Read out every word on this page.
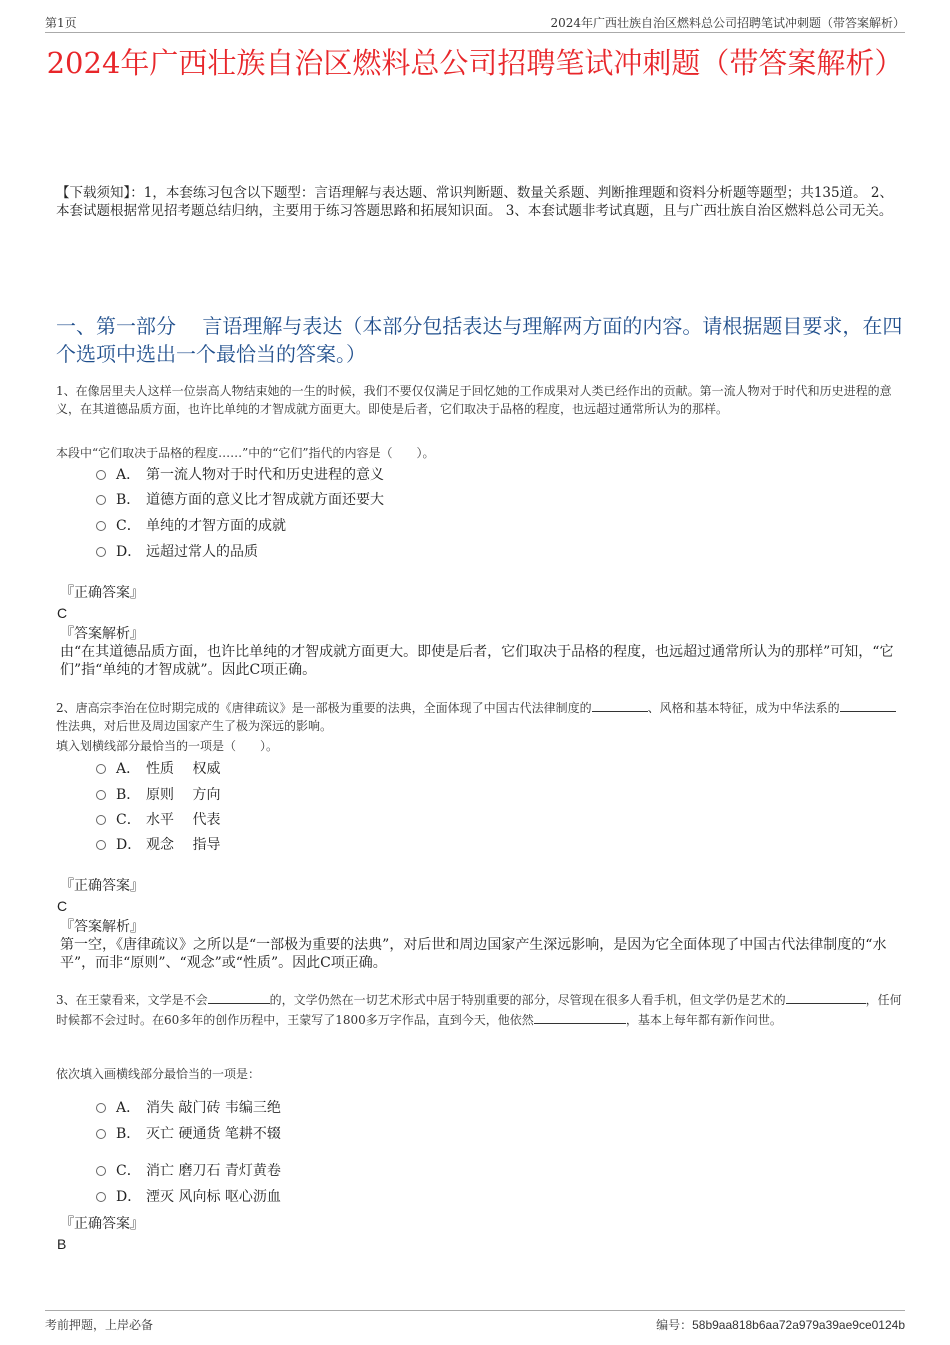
第1页	2024年广西壮族自治区燃料总公司招聘笔试冲刺题（带答案解析）
2024年广西壮族自治区燃料总公司招聘笔试冲刺题（带答案解析）
【下载须知】：1，本套练习包含以下题型：言语理解与表达题、常识判断题、数量关系题、判断推理题和资料分析题等题型；共135道。 2、本套试题根据常见招考题总结归纳，主要用于练习答题思路和拓展知识面。 3、本套试题非考试真题，且与广西壮族自治区燃料总公司无关。
一、第一部分　 言语理解与表达（本部分包括表达与理解两方面的内容。请根据题目要求，在四个选项中选出一个最恰当的答案。）
1、在像居里夫人这样一位崇高人物结束她的一生的时候，我们不要仅仅满足于回忆她的工作成果对人类已经作出的贡献。第一流人物对于时代和历史进程的意义，在其道德品质方面，也许比单纯的才智成就方面更大。即使是后者，它们取决于品格的程度，也远超过通常所认为的那样。
本段中“它们取决于品格的程度……”中的“它们”指代的内容是（　　）。
A． 第一流人物对于时代和历史进程的意义
B． 道德方面的意义比才智成就方面还要大
C． 单纯的才智方面的成就
D． 远超过常人的品质
『正确答案』
C
『答案解析』
由“在其道德品质方面，也许比单纯的才智成就方面更大。即使是后者，它们取决于品格的程度，也远超过通常所认为的那样”可知，“它们”指“单纯的才智成就”。因此C项正确。
2、唐高宗李治在位时期完成的《唐律疏议》是一部极为重要的法典，全面体现了中国古代法律制度的	、风格和基本特征，成为中华法系的性法典，对后世及周边国家产生了极为深远的影响。
填入划横线部分最恰当的一项是（　　）。
A． 性质　 权威
B． 原则　 方向
C． 水平　 代表
D． 观念　 指导
『正确答案』
C
『答案解析』
第一空，《唐律疏议》之所以是“一部极为重要的法典”，对后世和周边国家产生深远影响，是因为它全面体现了中国古代法律制度的“水平”，而非“原则”、“观念”或“性质”。因此C项正确。
3、在王蒙看来，文学是不会	的，文学仍然在一切艺术形式中居于特别重要的部分，尽管现在很多人看手机，但文学仍是艺术的	，任何时候都不会过时。在60多年的创作历程中，王蒙写了1800多万字作品，直到今天，他依然	，基本上每年都有新作问世。
依次填入画横线部分最恰当的一项是：
A． 消失 敲门砖 韦编三绝
B． 灭亡 硬通货 笔耕不辍
C． 消亡 磨刀石 青灯黄卷
D． 湮灭 风向标 呕心沥血
『正确答案』
B
考前押题，上岸必备	编号：58b9aa818b6aa72a979a39ae9ce0124b
